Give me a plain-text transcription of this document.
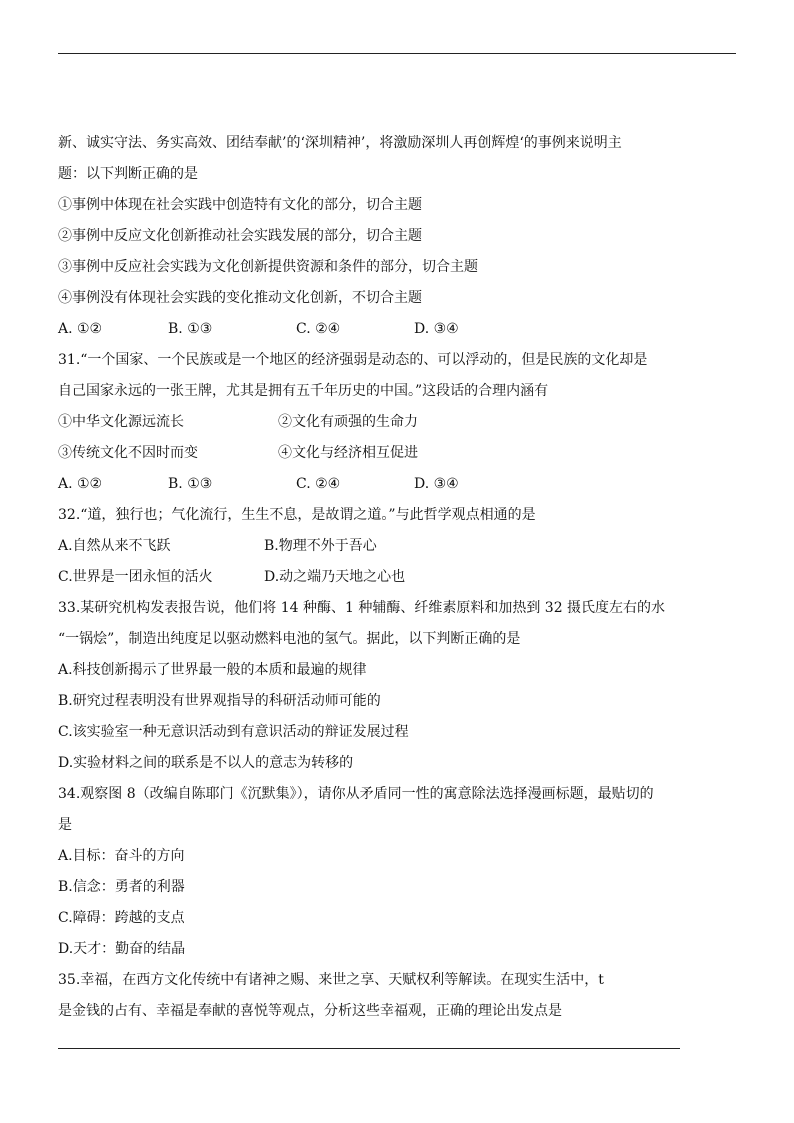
新、诚实守法、务实高效、团结奉献’的‘深圳精神’，将激励深圳人再创辉煌‘的事例来说明主
题：以下判断正确的是
①事例中体现在社会实践中创造特有文化的部分，切合主题
②事例中反应文化创新推动社会实践发展的部分，切合主题
③事例中反应社会实践为文化创新提供资源和条件的部分，切合主题
④事例没有体现社会实践的变化推动文化创新，不切合主题
A. ①②	B. ①③	C. ②④	D. ③④
31.“一个国家、一个民族或是一个地区的经济强弱是动态的、可以浮动的，但是民族的文化却是
自己国家永远的一张王牌，尤其是拥有五千年历史的中国。”这段话的合理内涵有
①中华文化源远流长	②文化有顽强的生命力
③传统文化不因时而变	④文化与经济相互促进
A. ①②	B. ①③	C. ②④	D. ③④
32.“道，独行也；气化流行，生生不息，是故谓之道。”与此哲学观点相通的是
A.自然从来不飞跃	B.物理不外于吾心
C.世界是一团永恒的活火	D.动之端乃天地之心也
33.某研究机构发表报告说，他们将 14 种酶、1 种辅酶、纤维素原料和加热到 32 摄氏度左右的水
“一锅烩”，制造出纯度足以驱动燃料电池的氢气。据此，以下判断正确的是
A.科技创新揭示了世界最一般的本质和最遍的规律
B.研究过程表明没有世界观指导的科研活动师可能的
C.该实验室一种无意识活动到有意识活动的辩证发展过程
D.实验材料之间的联系是不以人的意志为转移的
34.观察图 8（改编自陈耶门《沉默集》），请你从矛盾同一性的寓意除法选择漫画标题，最贴切的
是
A.目标：奋斗的方向
B.信念：勇者的利器
C.障碍：跨越的支点
D.天才：勤奋的结晶
35.幸福，在西方文化传统中有诸神之赐、来世之享、天赋权利等解读。在现实生活中，t
是金钱的占有、幸福是奉献的喜悦等观点，分析这些幸福观，正确的理论出发点是
